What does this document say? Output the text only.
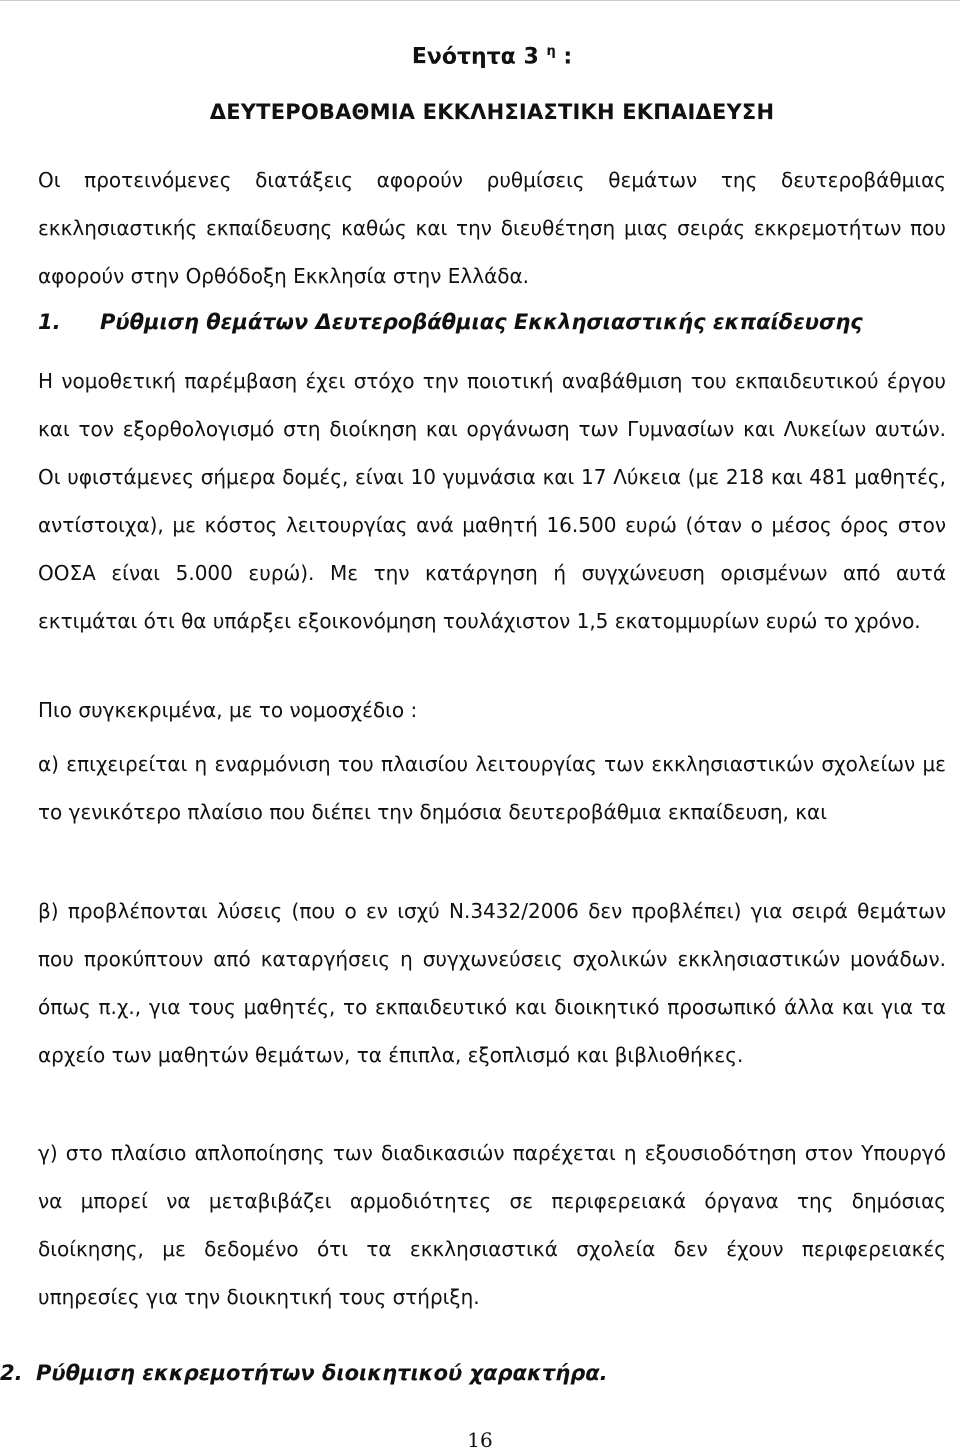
Ενότητα 3 $^\eta$ :
ΔΕΥΤΕΡΟΒΑΘΜΙΑ ΕΚΚΛΗΣΙΑΣΤΙΚΗ ΕΚΠΑΙΔΕΥΣΗ

Οι προτεινόμενες διατάξεις αφορούν ρυθμίσεις θεμάτων της δευτεροβάθμιας εκκλησιαστικής εκπαίδευσης καθώς και την διευθέτηση μιας σειράς εκκρεμοτήτων που αφορούν στην Ορθόδοξη Εκκλησία στην Ελλάδα.

1. Ρύθμιση θεμάτων Δευτεροβάθμιας Εκκλησιαστικής εκπαίδευσης

Η νομοθετική παρέμβαση έχει στόχο την ποιοτική αναβάθμιση του εκπαιδευτικού έργου και τον εξορθολογισμό στη διοίκηση και οργάνωση των Γυμνασίων και Λυκείων αυτών. Οι υφιστάμενες σήμερα δομές, είναι 10 γυμνάσια και 17 Λύκεια (με 218 και 481 μαθητές, αντίστοιχα), με κόστος λειτουργίας ανά μαθητή 16.500 ευρώ (όταν ο μέσος όρος στον ΟΟΣΑ είναι 5.000 ευρώ). Με την κατάργηση ή συγχώνευση ορισμένων από αυτά εκτιμάται ότι θα υπάρξει εξοικονόμηση τουλάχιστον 1,5 εκατομμυρίων ευρώ το χρόνο.

Πιο συγκεκριμένα, με το νομοσχέδιο :

α) επιχειρείται η εναρμόνιση του πλαισίου λειτουργίας των εκκλησιαστικών σχολείων με το γενικότερο πλαίσιο που διέπει την δημόσια δευτεροβάθμια εκπαίδευση, και

β) προβλέπονται λύσεις (που ο εν ισχύ Ν.3432/2006 δεν προβλέπει) για σειρά θεμάτων που προκύπτουν από καταργήσεις η συγχωνεύσεις σχολικών εκκλησιαστικών μονάδων. όπως π.χ., για τους μαθητές, το εκπαιδευτικό και διοικητικό προσωπικό άλλα και για τα αρχείο των μαθητών θεμάτων, τα έπιπλα, εξοπλισμό και βιβλιοθήκες.

γ) στο πλαίσιο απλοποίησης των διαδικασιών παρέχεται η εξουσιοδότηση στον Υπουργό να μπορεί να μεταβιβάζει αρμοδιότητες σε περιφερειακά όργανα της δημόσιας διοίκησης, με δεδομένο ότι τα εκκλησιαστικά σχολεία δεν έχουν περιφερειακές υπηρεσίες για την διοικητική τους στήριξη.

2. Ρύθμιση εκκρεμοτήτων διοικητικού χαρακτήρα.
16
